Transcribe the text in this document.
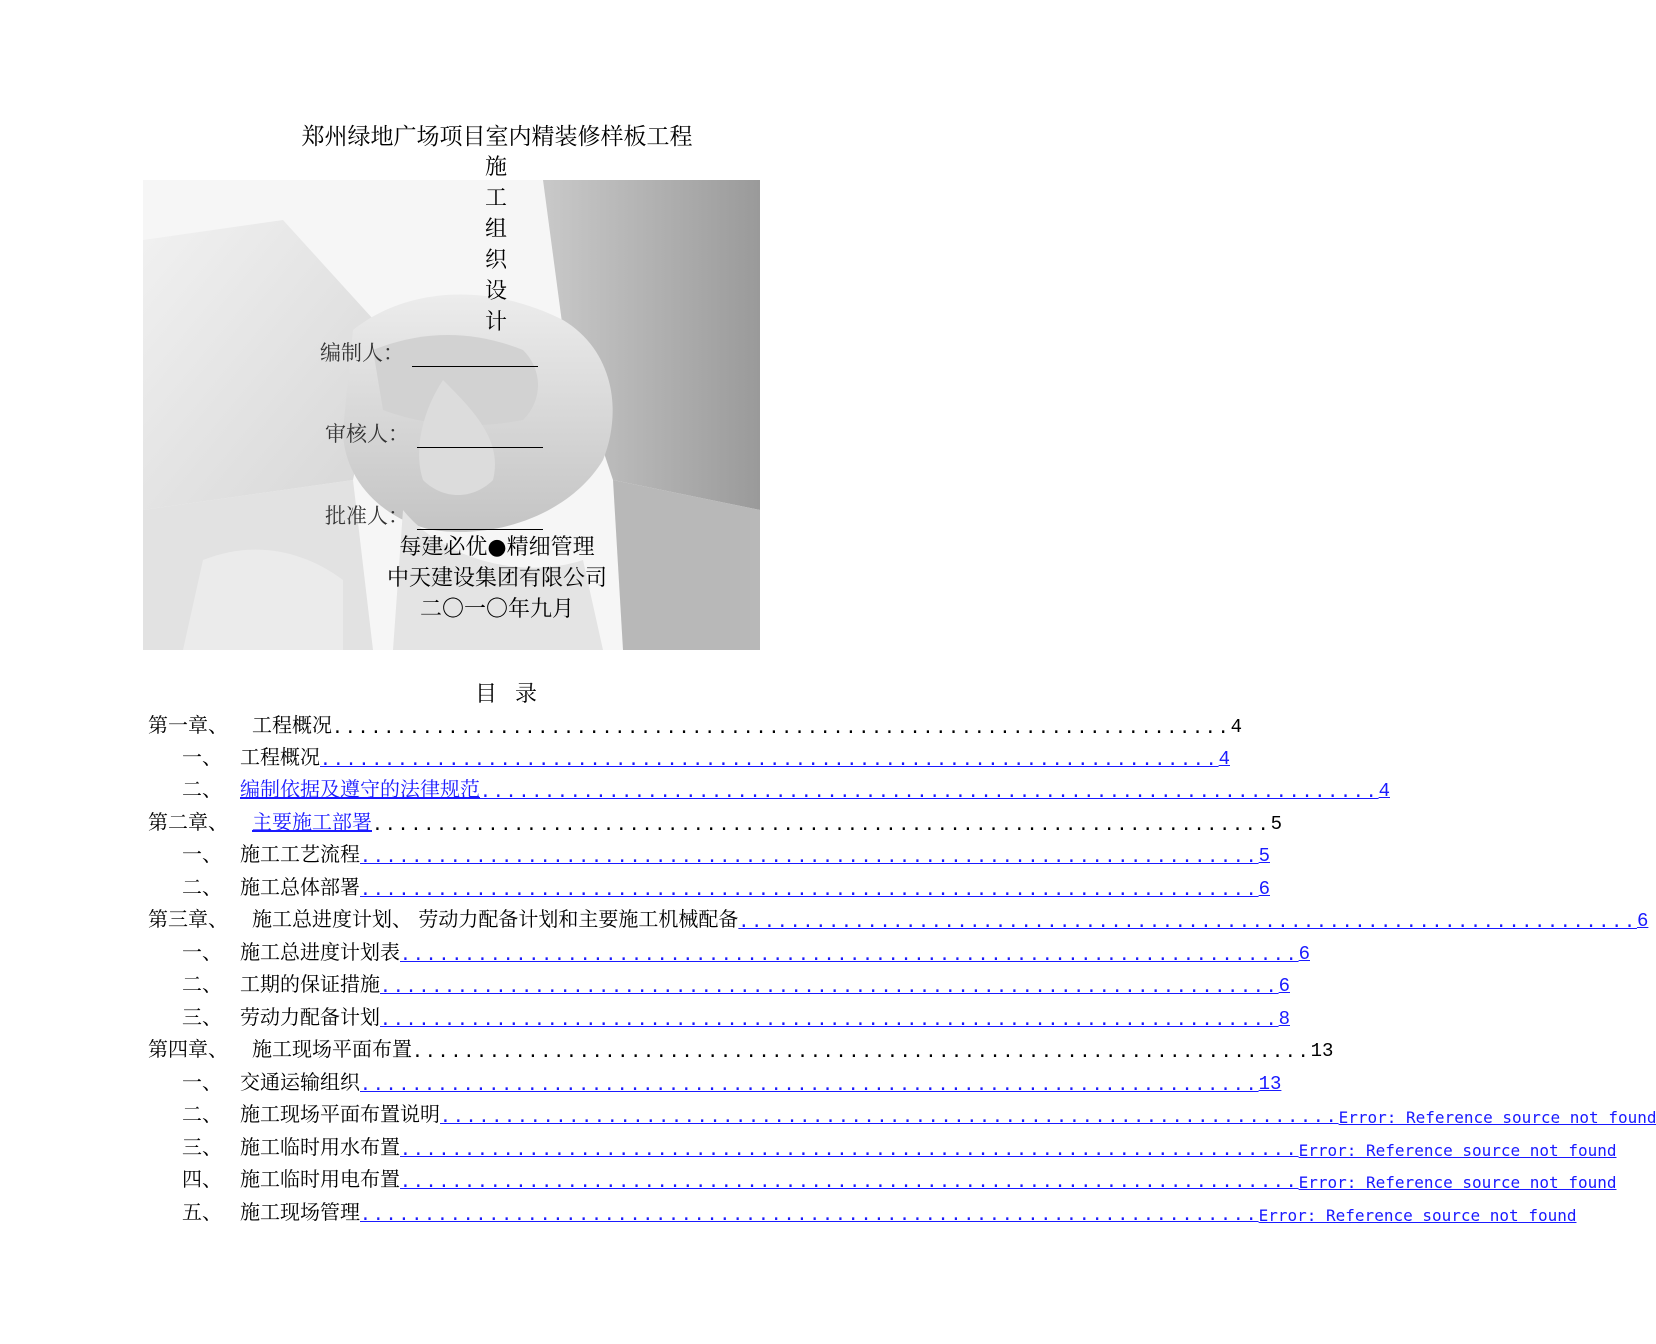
郑州绿地广场项目室内精装修样板工程
施
工
组
织
设
计
编制人：
审核人：
批准人：
每建必优●精细管理
中天建设集团有限公司
二〇一〇年九月
目录
第一章、	工程概况 ...................................................................... 4
一、 工程概况 ...................................................................... 4
二、 编制依据及遵守的法律规范 ...................................................................... 4
第二章、	主要施工部署 ...................................................................... 5
一、 施工工艺流程 ...................................................................... 5
二、 施工总体部署 ...................................................................... 6
第三章、	施工总进度计划、 劳动力配备计划和主要施工机械配备 ...................................................................... 6
一、 施工总进度计划表 ...................................................................... 6
二、 工期的保证措施 ...................................................................... 6
三、 劳动力配备计划 ...................................................................... 8
第四章、	施工现场平面布置 ...................................................................... 13
一、 交通运输组织 ...................................................................... 13
二、 施工现场平面布置说明 ...................................................................... Error: Reference source not found
三、 施工临时用水布置 ...................................................................... Error: Reference source not found
四、 施工临时用电布置 ...................................................................... Error: Reference source not found
五、 施工现场管理 ...................................................................... Error: Reference source not found
